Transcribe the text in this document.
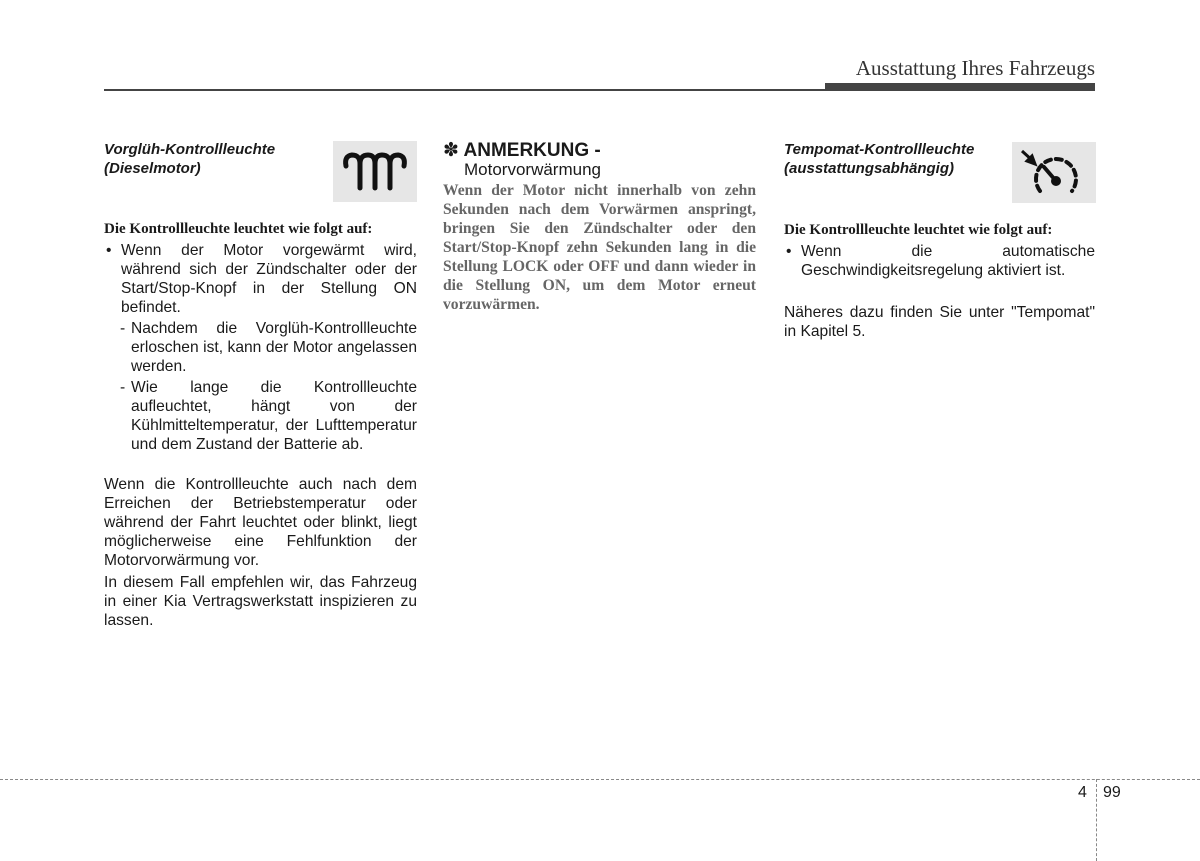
Ausstattung Ihres Fahrzeugs
Vorglüh-Kontrollleuchte
(Dieselmotor)
Die Kontrollleuchte leuchtet wie folgt auf:
• Wenn der Motor vorgewärmt wird, während sich der Zündschalter oder der Start/Stop-Knopf in der Stellung ON befindet.
- Nachdem die Vorglüh-Kontrollleuchte erloschen ist, kann der Motor angelassen werden.
- Wie lange die Kontrollleuchte aufleuchtet, hängt von der Kühlmitteltemperatur, der Lufttemperatur und dem Zustand der Batterie ab.

Wenn die Kontrollleuchte auch nach dem Erreichen der Betriebstemperatur oder während der Fahrt leuchtet oder blinkt, liegt möglicherweise eine Fehlfunktion der Motorvorwärmung vor.

In diesem Fall empfehlen wir, das Fahrzeug in einer Kia Vertragswerkstatt inspizieren zu lassen.

✽ ANMERKUNG -
Motorvorwärmung

Wenn der Motor nicht innerhalb von zehn Sekunden nach dem Vorwärmen anspringt, bringen Sie den Zündschalter oder den Start/Stop-Knopf zehn Sekunden lang in die Stellung LOCK oder OFF und dann wieder in die Stellung ON, um dem Motor erneut vorzuwärmen.

Tempomat-Kontrollleuchte
(ausstattungsabhängig)
Die Kontrollleuchte leuchtet wie folgt auf:
• Wenn die automatische Geschwindigkeitsregelung aktiviert ist.

Näheres dazu finden Sie unter "Tempomat" in Kapitel 5.

4 99
